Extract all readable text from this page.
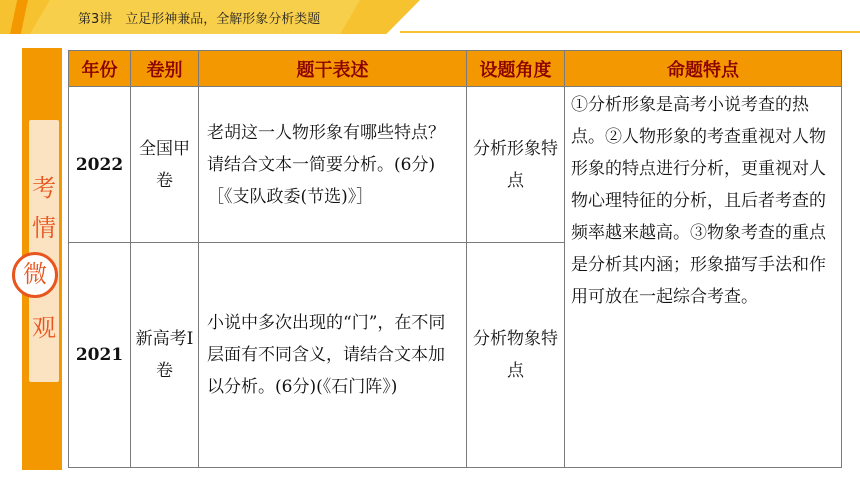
第3讲　立足形神兼品，全解形象分析类题
考
情
微
观
年份	卷别	题干表述	设题角度	命题特点
2022	全国甲卷	老胡这一人物形象有哪些特点？请结合文本一简要分析。(6分)［《支队政委(节选)》］	分析形象特点	①分析形象是高考小说考查的热点。②人物形象的考查重视对人物形象的特点进行分析，更重视对人物心理特征的分析，且后者考查的频率越来越高。③物象考查的重点是分析其内涵；形象描写手法和作用可放在一起综合考查。
2021	新高考Ⅰ卷	小说中多次出现的“门”，在不同层面有不同含义，请结合文本加以分析。(6分)(《石门阵》)	分析物象特点	
